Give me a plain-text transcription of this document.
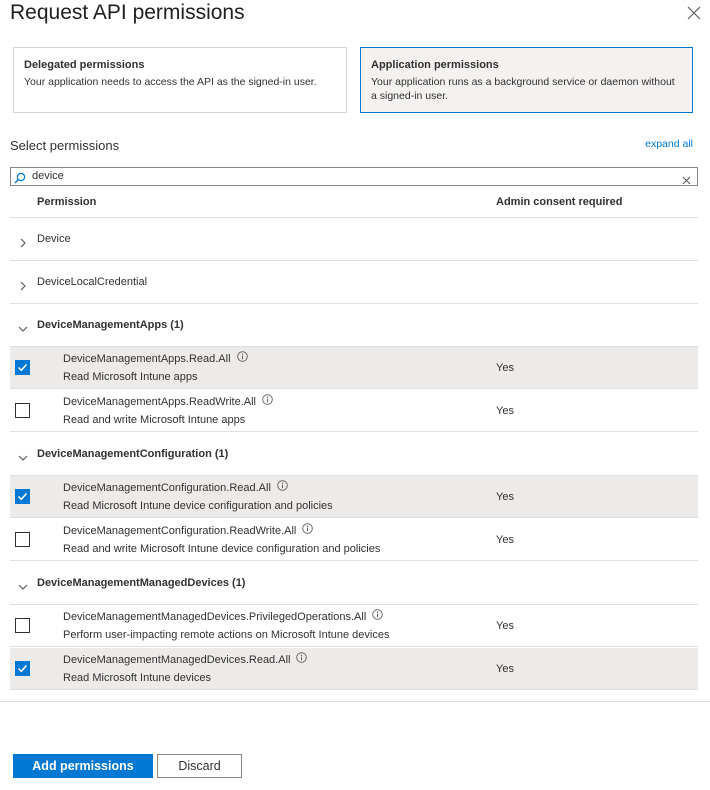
Request API permissions
Delegated permissions
Your application needs to access the API as the signed-in user.
Application permissions
Your application runs as a background service or daemon without a signed-in user.
Select permissions	expand all
device
Permission	Admin consent required
Device
DeviceLocalCredential
DeviceManagementApps (1)
DeviceManagementApps.Read.All
Read Microsoft Intune apps
Yes
DeviceManagementApps.ReadWrite.All
Read and write Microsoft Intune apps
Yes
DeviceManagementConfiguration (1)
DeviceManagementConfiguration.Read.All
Read Microsoft Intune device configuration and policies
Yes
DeviceManagementConfiguration.ReadWrite.All
Read and write Microsoft Intune device configuration and policies
Yes
DeviceManagementManagedDevices (1)
DeviceManagementManagedDevices.PrivilegedOperations.All
Perform user-impacting remote actions on Microsoft Intune devices
Yes
DeviceManagementManagedDevices.Read.All
Read Microsoft Intune devices
Yes
Add permissions	Discard
